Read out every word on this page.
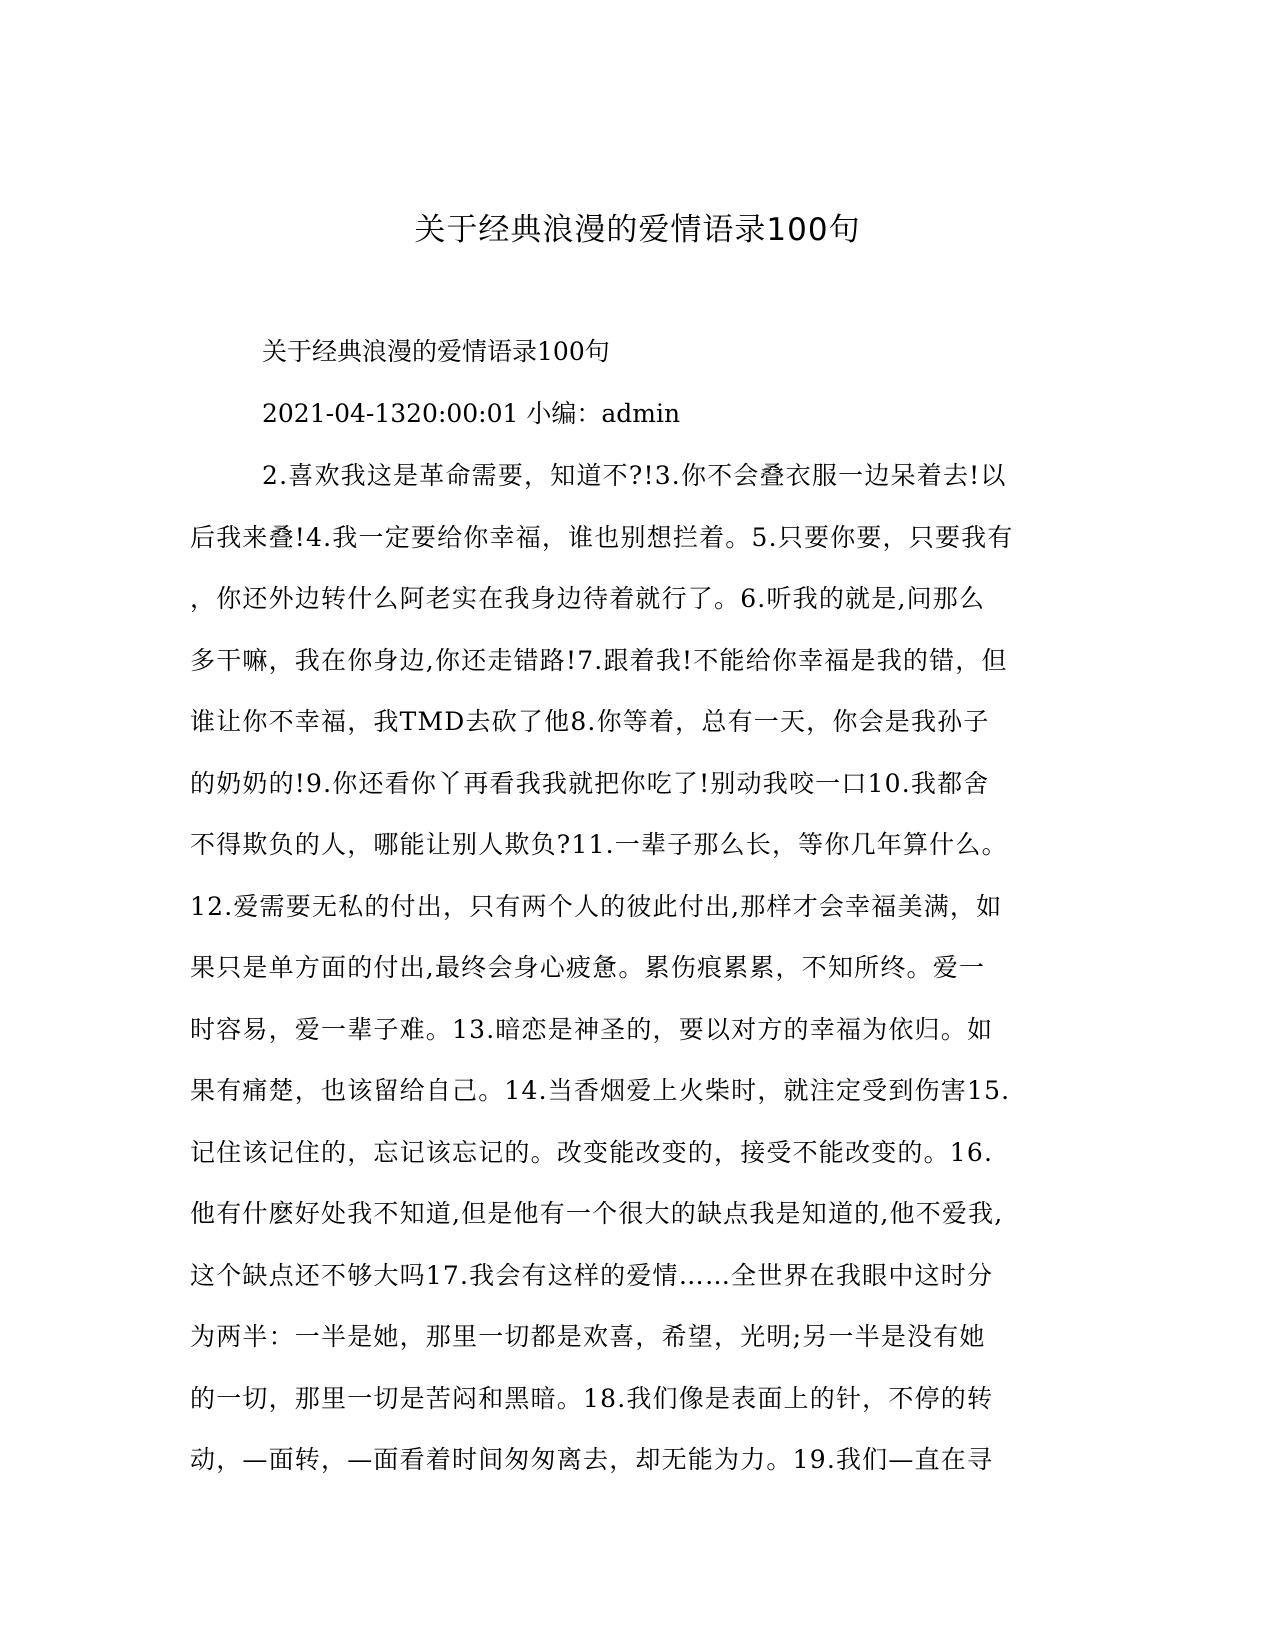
关于经典浪漫的爱情语录100句

关于经典浪漫的爱情语录100句

2021-04-1320:00:01 小编：admin

2.喜欢我这是革命需要，知道不?!3.你不会叠衣服一边呆着去!以
后我来叠!4.我一定要给你幸福，谁也别想拦着。5.只要你要，只要我有
，你还外边转什么阿老实在我身边待着就行了。6.听我的就是,问那么
多干嘛，我在你身边,你还走错路!7.跟着我!不能给你幸福是我的错，但
谁让你不幸福，我TMD去砍了他8.你等着，总有一天，你会是我孙子
的奶奶的!9.你还看你丫再看我我就把你吃了!别动我咬一口10.我都舍
不得欺负的人，哪能让别人欺负?11.一辈子那么长，等你几年算什么。
12.爱需要无私的付出，只有两个人的彼此付出,那样才会幸福美满，如
果只是单方面的付出,最终会身心疲惫。累伤痕累累，不知所终。爱一
时容易，爱一辈子难。13.暗恋是神圣的，要以对方的幸福为依归。如
果有痛楚，也该留给自己。14.当香烟爱上火柴时，就注定受到伤害15.
记住该记住的，忘记该忘记的。改变能改变的，接受不能改变的。16.
他有什麽好处我不知道,但是他有一个很大的缺点我是知道的,他不爱我,
这个缺点还不够大吗17.我会有这样的爱情……全世界在我眼中这时分
为两半：一半是她，那里一切都是欢喜，希望，光明;另一半是没有她
的一切，那里一切是苦闷和黑暗。18.我们像是表面上的针，不停的转
动，—面转，—面看着时间匆匆离去，却无能为力。19.我们—直在寻
